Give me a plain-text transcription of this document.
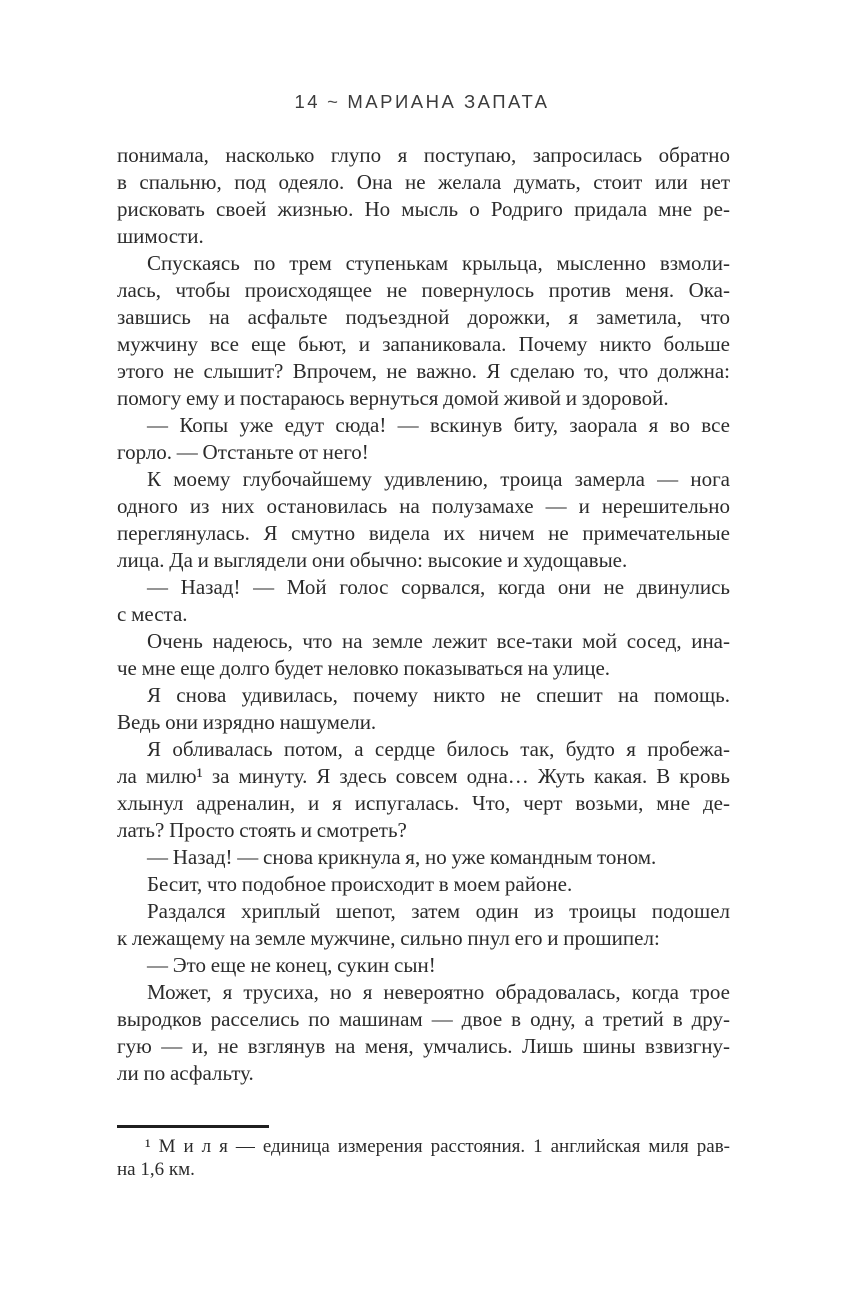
14 ~ МАРИАНА ЗАПАТА
понимала, насколько глупо я поступаю, запросилась обратно
в спальню, под одеяло. Она не желала думать, стоит или нет
рисковать своей жизнью. Но мысль о Родриго придала мне ре-
шимости.
Спускаясь по трем ступенькам крыльца, мысленно взмоли-
лась, чтобы происходящее не повернулось против меня. Ока-
завшись на асфальте подъездной дорожки, я заметила, что
мужчину все еще бьют, и запаниковала. Почему никто больше
этого не слышит? Впрочем, не важно. Я сделаю то, что должна:
помогу ему и постараюсь вернуться домой живой и здоровой.
— Копы уже едут сюда! — вскинув биту, заорала я во все
горло. — Отстаньте от него!
К моему глубочайшему удивлению, троица замерла — нога
одного из них остановилась на полузамахе — и нерешительно
переглянулась. Я смутно видела их ничем не примечательные
лица. Да и выглядели они обычно: высокие и худощавые.
— Назад! — Мой голос сорвался, когда они не двинулись
с места.
Очень надеюсь, что на земле лежит все-таки мой сосед, ина-
че мне еще долго будет неловко показываться на улице.
Я снова удивилась, почему никто не спешит на помощь.
Ведь они изрядно нашумели.
Я обливалась потом, а сердце билось так, будто я пробежа-
ла милю¹ за минуту. Я здесь совсем одна… Жуть какая. В кровь
хлынул адреналин, и я испугалась. Что, черт возьми, мне де-
лать? Просто стоять и смотреть?
— Назад! — снова крикнула я, но уже командным тоном.
Бесит, что подобное происходит в моем районе.
Раздался хриплый шепот, затем один из троицы подошел
к лежащему на земле мужчине, сильно пнул его и прошипел:
— Это еще не конец, сукин сын!
Может, я трусиха, но я невероятно обрадовалась, когда трое
выродков расселись по машинам — двое в одну, а третий в дру-
гую — и, не взглянув на меня, умчались. Лишь шины взвизгну-
ли по асфальту.
¹ М и л я — единица измерения расстояния. 1 английская миля рав-
на 1,6 км.
